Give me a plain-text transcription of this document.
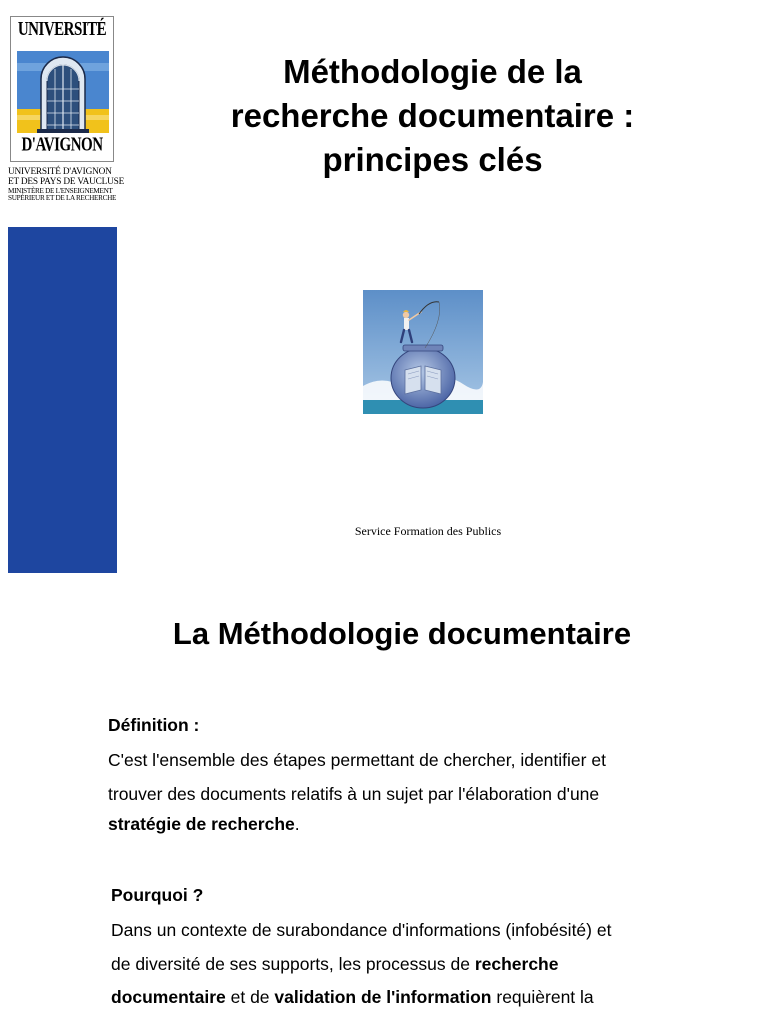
UNIVERSITÉ
D'AVIGNON
UNIVERSITÉ D'AVIGNON
ET DES PAYS DE VAUCLUSE
MINISTÈRE DE L'ENSEIGNEMENT
SUPÉRIEUR ET DE LA RECHERCHE
Méthodologie de la
recherche documentaire :
principes clés
Service Formation des Publics
La Méthodologie documentaire

Définition :

C'est l'ensemble des étapes permettant de chercher, identifier et

trouver des documents relatifs à un sujet par l'élaboration d'une

stratégie de recherche.

Pourquoi ?

Dans un contexte de surabondance d'informations (infobésité) et

de diversité de ses supports, les processus de recherche

documentaire et de validation de l'information requièrent la
